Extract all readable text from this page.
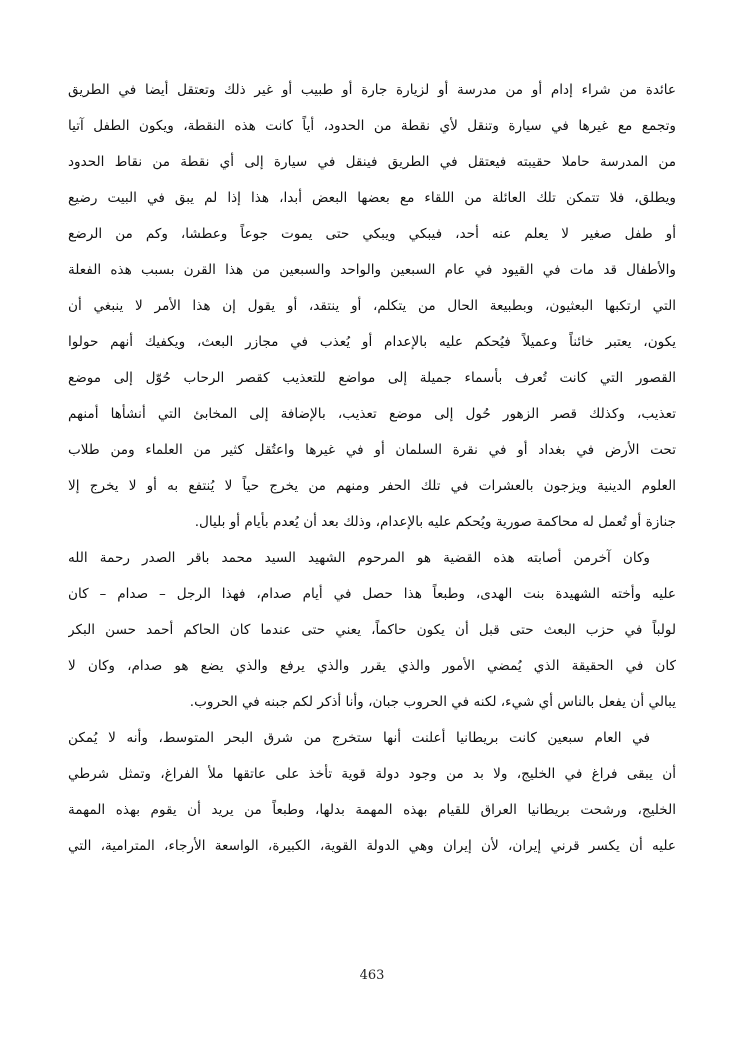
عائدة من شراء إدام أو من مدرسة أو لزيارة جارة أو طبيب أو غير ذلك وتعتقل أيضا في الطريق
وتجمع مع غيرها في سيارة وتنقل لأي نقطة من الحدود، أياً كانت هذه النقطة، ويكون الطفل آتيا
من المدرسة حاملا حقيبته فيعتقل في الطريق فينقل في سيارة إلى أي نقطة من نقاط الحدود
ويطلق، فلا تتمكن تلك العائلة من اللقاء مع بعضها البعض أبدا، هذا إذا لم يبق في البيت رضيع
أو طفل صغير لا يعلم عنه أحد، فيبكي ويبكي حتى يموت جوعاً وعطشا، وكم من الرضع
والأطفال قد مات في القيود في عام السبعين والواحد والسبعين من هذا القرن بسبب هذه الفعلة
التي ارتكبها البعثيون، وبطبيعة الحال من يتكلم، أو ينتقد، أو يقول إن هذا الأمر لا ينبغي أن
يكون، يعتبر خائناً وعميلاً فيُحكم عليه بالإعدام أو يُعذب في مجازر البعث، ويكفيك أنهم حولوا
القصور التي كانت تُعرف بأسماء جميلة إلى مواضع للتعذيب كقصر الرحاب حُوّل إلى موضع
تعذيب، وكذلك قصر الزهور حُول إلى موضع تعذيب، بالإضافة إلى المخابئ التي أنشأها أمنهم
تحت الأرض في بغداد أو في نقرة السلمان أو في غيرها واعتُقل كثير من العلماء ومن طلاب
العلوم الدينية ويزجون بالعشرات في تلك الحفر ومنهم من يخرج حياً لا يُنتفع به أو لا يخرج إلا
جنازة أو تُعمل له محاكمة صورية ويُحكم عليه بالإعدام، وذلك بعد أن يُعدم بأيام أو بليال.
وكان آخرمن أصابته هذه القضية هو المرحوم الشهيد السيد محمد باقر الصدر رحمة الله
عليه وأخته الشهيدة بنت الهدى، وطبعاً هذا حصل في أيام صدام، فهذا الرجل – صدام – كان
لولباً في حزب البعث حتى قبل أن يكون حاكماً، يعني حتى عندما كان الحاكم أحمد حسن البكر
كان في الحقيقة الذي يُمضي الأمور والذي يقرر والذي يرفع والذي يضع هو صدام، وكان لا
يبالي أن يفعل بالناس أي شيء، لكنه في الحروب جبان، وأنا أذكر لكم جبنه في الحروب.
في العام سبعين كانت بريطانيا أعلنت أنها ستخرج من شرق البحر المتوسط، وأنه لا يُمكن
أن يبقى فراغ في الخليج، ولا بد من وجود دولة قوية تأخذ على عاتقها ملأ الفراغ، وتمثل شرطي
الخليج، ورشحت بريطانيا العراق للقيام بهذه المهمة بدلها، وطبعاً من يريد أن يقوم بهذه المهمة
عليه أن يكسر قرني إيران، لأن إيران وهي الدولة القوية، الكبيرة، الواسعة الأرجاء، المترامية، التي
463
